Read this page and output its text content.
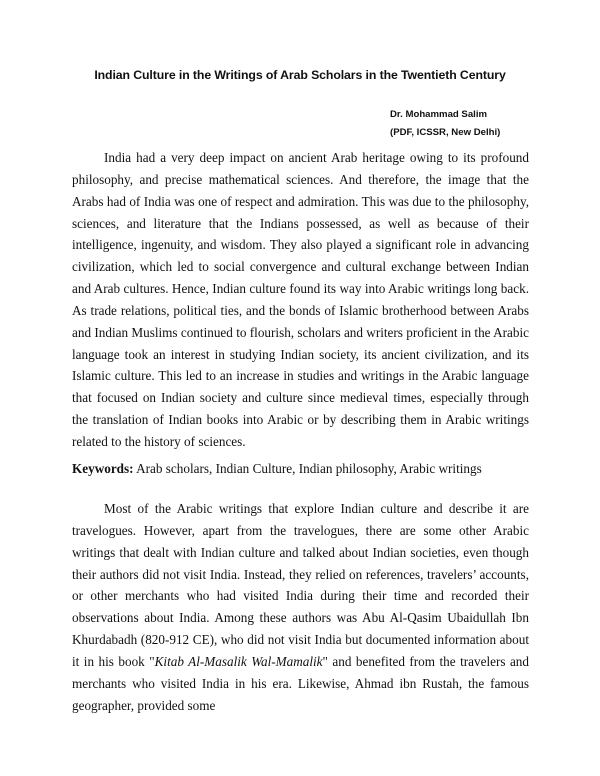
Indian Culture in the Writings of Arab Scholars in the Twentieth Century
Dr. Mohammad Salim
(PDF, ICSSR, New Delhi)

India had a very deep impact on ancient Arab heritage owing to its profound philosophy, and precise mathematical sciences. And therefore, the image that the Arabs had of India was one of respect and admiration. This was due to the philosophy, sciences, and literature that the Indians possessed, as well as because of their intelligence, ingenuity, and wisdom. They also played a significant role in advancing civilization, which led to social convergence and cultural exchange between Indian and Arab cultures. Hence, Indian culture found its way into Arabic writings long back. As trade relations, political ties, and the bonds of Islamic brotherhood between Arabs and Indian Muslims continued to flourish, scholars and writers proficient in the Arabic language took an interest in studying Indian society, its ancient civilization, and its Islamic culture. This led to an increase in studies and writings in the Arabic language that focused on Indian society and culture since medieval times, especially through the translation of Indian books into Arabic or by describing them in Arabic writings related to the history of sciences.

Keywords: Arab scholars, Indian Culture, Indian philosophy, Arabic writings

Most of the Arabic writings that explore Indian culture and describe it are travelogues. However, apart from the travelogues, there are some other Arabic writings that dealt with Indian culture and talked about Indian societies, even though their authors did not visit India. Instead, they relied on references, travelers’ accounts, or other merchants who had visited India during their time and recorded their observations about India. Among these authors was Abu Al-Qasim Ubaidullah Ibn Khurdabadh (820-912 CE), who did not visit India but documented information about it in his book "Kitab Al-Masalik Wal-Mamalik" and benefited from the travelers and merchants who visited India in his era. Likewise, Ahmad ibn Rustah, the famous geographer, provided some
